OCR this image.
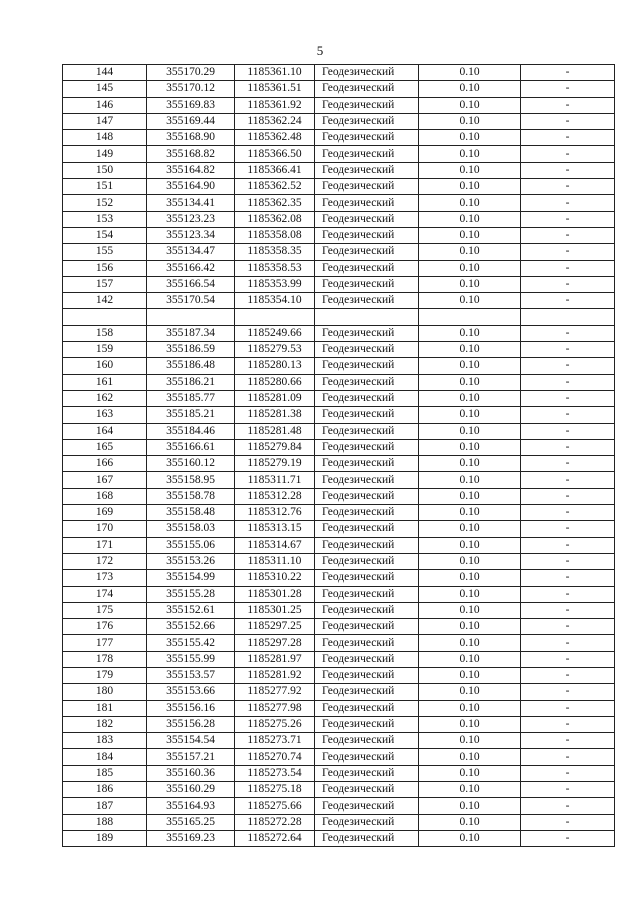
5
144	355170.29	1185361.10	Геодезический	0.10	-
145	355170.12	1185361.51	Геодезический	0.10	-
146	355169.83	1185361.92	Геодезический	0.10	-
147	355169.44	1185362.24	Геодезический	0.10	-
148	355168.90	1185362.48	Геодезический	0.10	-
149	355168.82	1185366.50	Геодезический	0.10	-
150	355164.82	1185366.41	Геодезический	0.10	-
151	355164.90	1185362.52	Геодезический	0.10	-
152	355134.41	1185362.35	Геодезический	0.10	-
153	355123.23	1185362.08	Геодезический	0.10	-
154	355123.34	1185358.08	Геодезический	0.10	-
155	355134.47	1185358.35	Геодезический	0.10	-
156	355166.42	1185358.53	Геодезический	0.10	-
157	355166.54	1185353.99	Геодезический	0.10	-
142	355170.54	1185354.10	Геодезический	0.10	-

158	355187.34	1185249.66	Геодезический	0.10	-
159	355186.59	1185279.53	Геодезический	0.10	-
160	355186.48	1185280.13	Геодезический	0.10	-
161	355186.21	1185280.66	Геодезический	0.10	-
162	355185.77	1185281.09	Геодезический	0.10	-
163	355185.21	1185281.38	Геодезический	0.10	-
164	355184.46	1185281.48	Геодезический	0.10	-
165	355166.61	1185279.84	Геодезический	0.10	-
166	355160.12	1185279.19	Геодезический	0.10	-
167	355158.95	1185311.71	Геодезический	0.10	-
168	355158.78	1185312.28	Геодезический	0.10	-
169	355158.48	1185312.76	Геодезический	0.10	-
170	355158.03	1185313.15	Геодезический	0.10	-
171	355155.06	1185314.67	Геодезический	0.10	-
172	355153.26	1185311.10	Геодезический	0.10	-
173	355154.99	1185310.22	Геодезический	0.10	-
174	355155.28	1185301.28	Геодезический	0.10	-
175	355152.61	1185301.25	Геодезический	0.10	-
176	355152.66	1185297.25	Геодезический	0.10	-
177	355155.42	1185297.28	Геодезический	0.10	-
178	355155.99	1185281.97	Геодезический	0.10	-
179	355153.57	1185281.92	Геодезический	0.10	-
180	355153.66	1185277.92	Геодезический	0.10	-
181	355156.16	1185277.98	Геодезический	0.10	-
182	355156.28	1185275.26	Геодезический	0.10	-
183	355154.54	1185273.71	Геодезический	0.10	-
184	355157.21	1185270.74	Геодезический	0.10	-
185	355160.36	1185273.54	Геодезический	0.10	-
186	355160.29	1185275.18	Геодезический	0.10	-
187	355164.93	1185275.66	Геодезический	0.10	-
188	355165.25	1185272.28	Геодезический	0.10	-
189	355169.23	1185272.64	Геодезический	0.10	-
